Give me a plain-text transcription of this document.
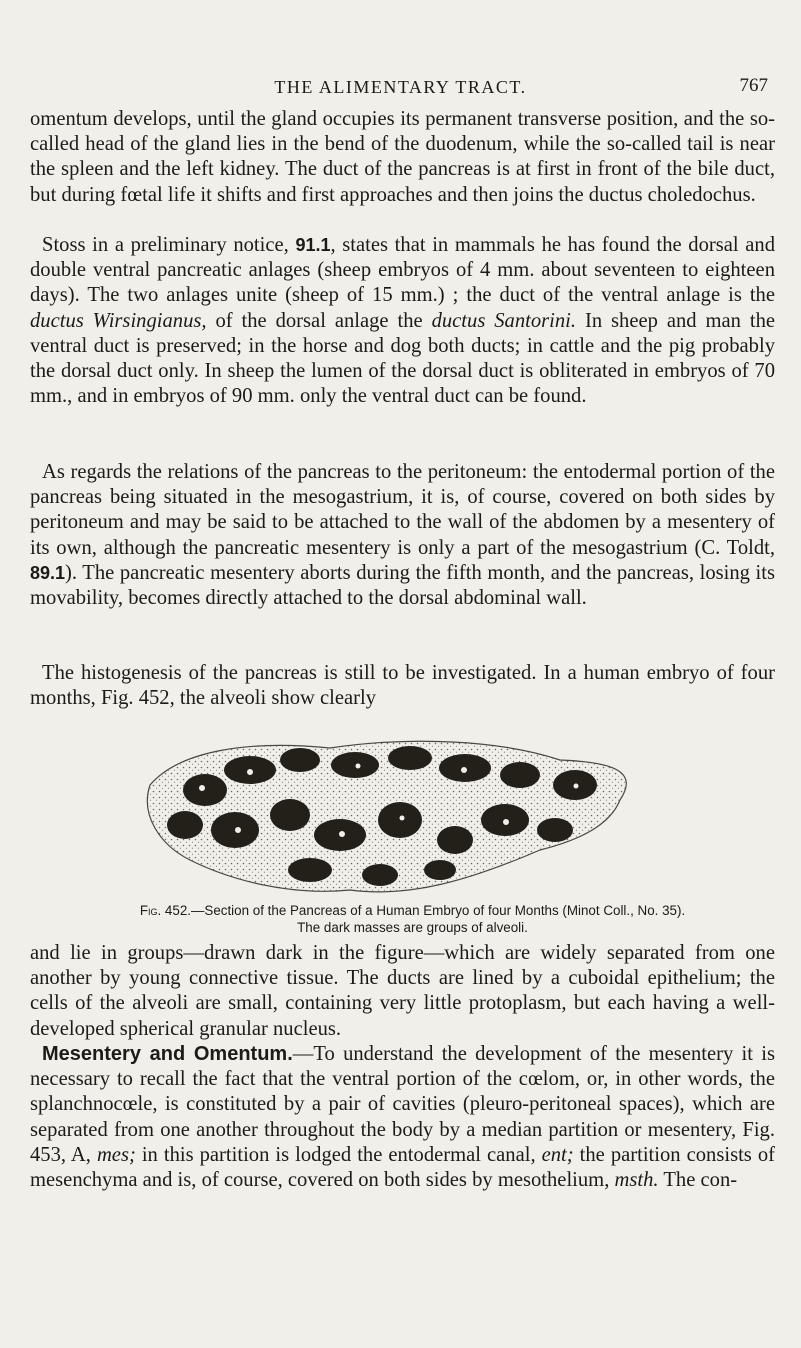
THE ALIMENTARY TRACT.	767

omentum develops, until the gland occupies its permanent transverse position, and the so-called head of the gland lies in the bend of the duodenum, while the so-called tail is near the spleen and the left kidney. The duct of the pancreas is at first in front of the bile duct, but during fœtal life it shifts and first approaches and then joins the ductus choledochus.

Stoss in a preliminary notice, 91.1, states that in mammals he has found the dorsal and double ventral pancreatic anlages (sheep embryos of 4 mm. about seventeen to eighteen days). The two anlages unite (sheep of 15 mm.) ; the duct of the ventral anlage is the ductus Wirsingianus, of the dorsal anlage the ductus Santorini. In sheep and man the ventral duct is preserved; in the horse and dog both ducts; in cattle and the pig probably the dorsal duct only. In sheep the lumen of the dorsal duct is obliterated in embryos of 70 mm., and in embryos of 90 mm. only the ventral duct can be found.

As regards the relations of the pancreas to the peritoneum: the entodermal portion of the pancreas being situated in the mesogastrium, it is, of course, covered on both sides by peritoneum and may be said to be attached to the wall of the abdomen by a mesentery of its own, although the pancreatic mesentery is only a part of the mesogastrium (C. Toldt, 89.1). The pancreatic mesentery aborts during the fifth month, and the pancreas, losing its movability, becomes directly attached to the dorsal abdominal wall.

The histogenesis of the pancreas is still to be investigated. In a human embryo of four months, Fig. 452, the alveoli show clearly

Fig. 452.—Section of the Pancreas of a Human Embryo of four Months (Minot Coll., No. 35).
The dark masses are groups of alveoli.

and lie in groups—drawn dark in the figure—which are widely separated from one another by young connective tissue. The ducts are lined by a cuboidal epithelium; the cells of the alveoli are small, containing very little protoplasm, but each having a well-developed spherical granular nucleus.

Mesentery and Omentum.—To understand the development of the mesentery it is necessary to recall the fact that the ventral portion of the cœlom, or, in other words, the splanchnocœle, is constituted by a pair of cavities (pleuro-peritoneal spaces), which are separated from one another throughout the body by a median partition or mesentery, Fig. 453, A, mes; in this partition is lodged the entodermal canal, ent; the partition consists of mesenchyma and is, of course, covered on both sides by mesothelium, msth. The con-
